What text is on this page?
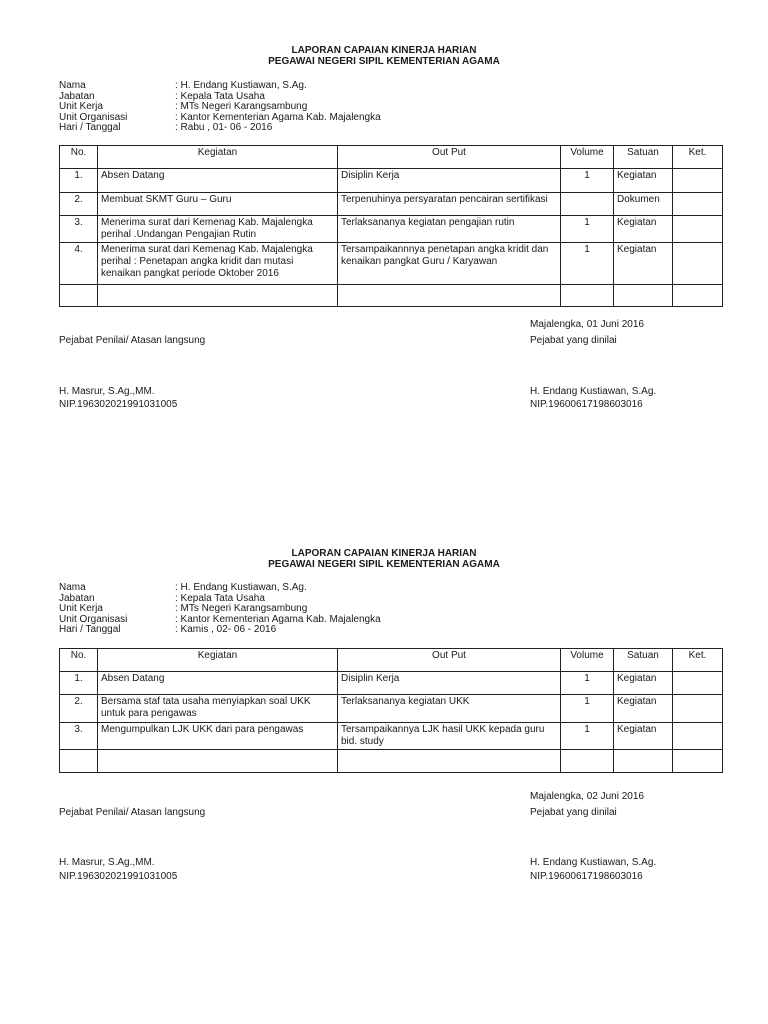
LAPORAN CAPAIAN KINERJA HARIAN
PEGAWAI NEGERI SIPIL KEMENTERIAN AGAMA
Nama	: H. Endang Kustiawan, S.Ag.
Jabatan	: Kepala Tata Usaha
Unit Kerja	: MTs Negeri Karangsambung
Unit Organisasi	: Kantor Kementerian Agama Kab. Majalengka
Hari / Tanggal	: Rabu , 01- 06 - 2016
No.	Kegiatan	Out Put	Volume	Satuan	Ket.
1.	Absen Datang	Disiplin Kerja	1	Kegiatan	
2.	Membuat SKMT Guru – Guru	Terpenuhinya persyaratan pencairan sertifikasi		Dokumen	
3.	Menerima surat dari Kemenag Kab. Majalengka perihal .Undangan Pengajian Rutin	Terlaksananya kegiatan pengajian rutin	1	Kegiatan	
4.	Menerima surat dari Kemenag Kab. Majalengka perihal : Penetapan angka kridit dan mutasi kenaikan pangkat periode Oktober 2016	Tersampaikannnya penetapan angka kridit dan kenaikan pangkat Guru / Karyawan	1	Kegiatan	

Majalengka, 01 Juni 2016
Pejabat Penilai/ Atasan langsung	Pejabat yang dinilai
H. Masrur, S.Ag.,MM.
NIP.196302021991031005
H. Endang Kustiawan, S.Ag.
NIP.19600617198603016
LAPORAN CAPAIAN KINERJA HARIAN
PEGAWAI NEGERI SIPIL KEMENTERIAN AGAMA
Nama	: H. Endang Kustiawan, S.Ag.
Jabatan	: Kepala Tata Usaha
Unit Kerja	: MTs Negeri Karangsambung
Unit Organisasi	: Kantor Kementerian Agama Kab. Majalengka
Hari / Tanggal	: Kamis , 02- 06 - 2016
No.	Kegiatan	Out Put	Volume	Satuan	Ket.
1.	Absen Datang	Disiplin Kerja	1	Kegiatan	
2.	Bersama staf tata usaha menyiapkan soal UKK untuk para pengawas	Terlaksananya kegiatan UKK	1	Kegiatan	
3.	Mengumpulkan LJK UKK dari para pengawas	Tersampaikannya LJK hasil UKK kepada guru bid. study	1	Kegiatan	

Majalengka, 02 Juni 2016
Pejabat Penilai/ Atasan langsung	Pejabat yang dinilai
H. Masrur, S.Ag.,MM.
NIP.196302021991031005
H. Endang Kustiawan, S.Ag.
NIP.19600617198603016
